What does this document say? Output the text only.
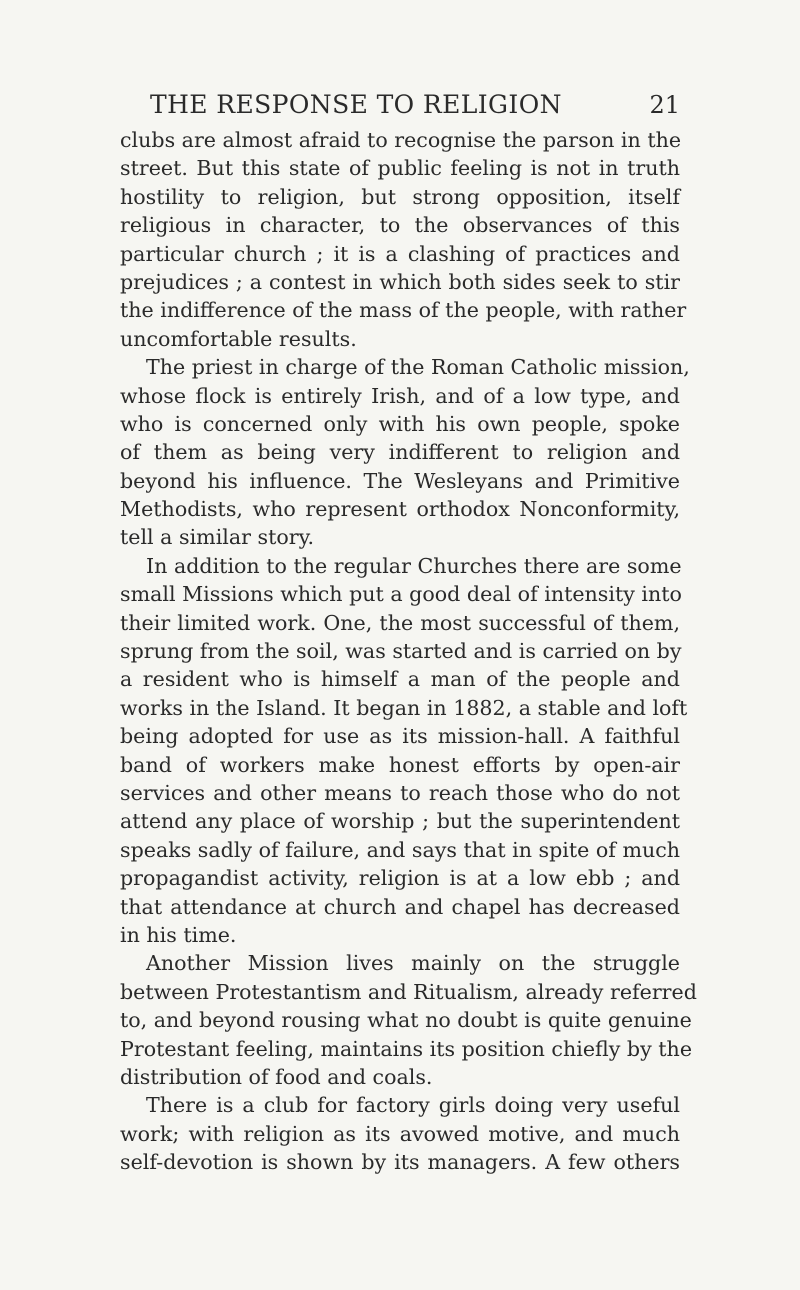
THE RESPONSE TO RELIGION	21
clubs are almost afraid to recognise the parson in the
street. But this state of public feeling is not in truth
hostility to religion, but strong opposition, itself
religious in character, to the observances of this
particular church ; it is a clashing of practices and
prejudices ; a contest in which both sides seek to stir
the indifference of the mass of the people, with rather
uncomfortable results.
The priest in charge of the Roman Catholic mission,
whose flock is entirely Irish, and of a low type, and
who is concerned only with his own people, spoke
of them as being very indifferent to religion and
beyond his influence. The Wesleyans and Primitive
Methodists, who represent orthodox Nonconformity,
tell a similar story.
In addition to the regular Churches there are some
small Missions which put a good deal of intensity into
their limited work. One, the most successful of them,
sprung from the soil, was started and is carried on by
a resident who is himself a man of the people and
works in the Island. It began in 1882, a stable and loft
being adopted for use as its mission-hall. A faithful
band of workers make honest efforts by open-air
services and other means to reach those who do not
attend any place of worship ; but the superintendent
speaks sadly of failure, and says that in spite of much
propagandist activity, religion is at a low ebb ; and
that attendance at church and chapel has decreased
in his time.
Another Mission lives mainly on the struggle
between Protestantism and Ritualism, already referred
to, and beyond rousing what no doubt is quite genuine
Protestant feeling, maintains its position chiefly by the
distribution of food and coals.
There is a club for factory girls doing very useful
work; with religion as its avowed motive, and much
self-devotion is shown by its managers. A few others
